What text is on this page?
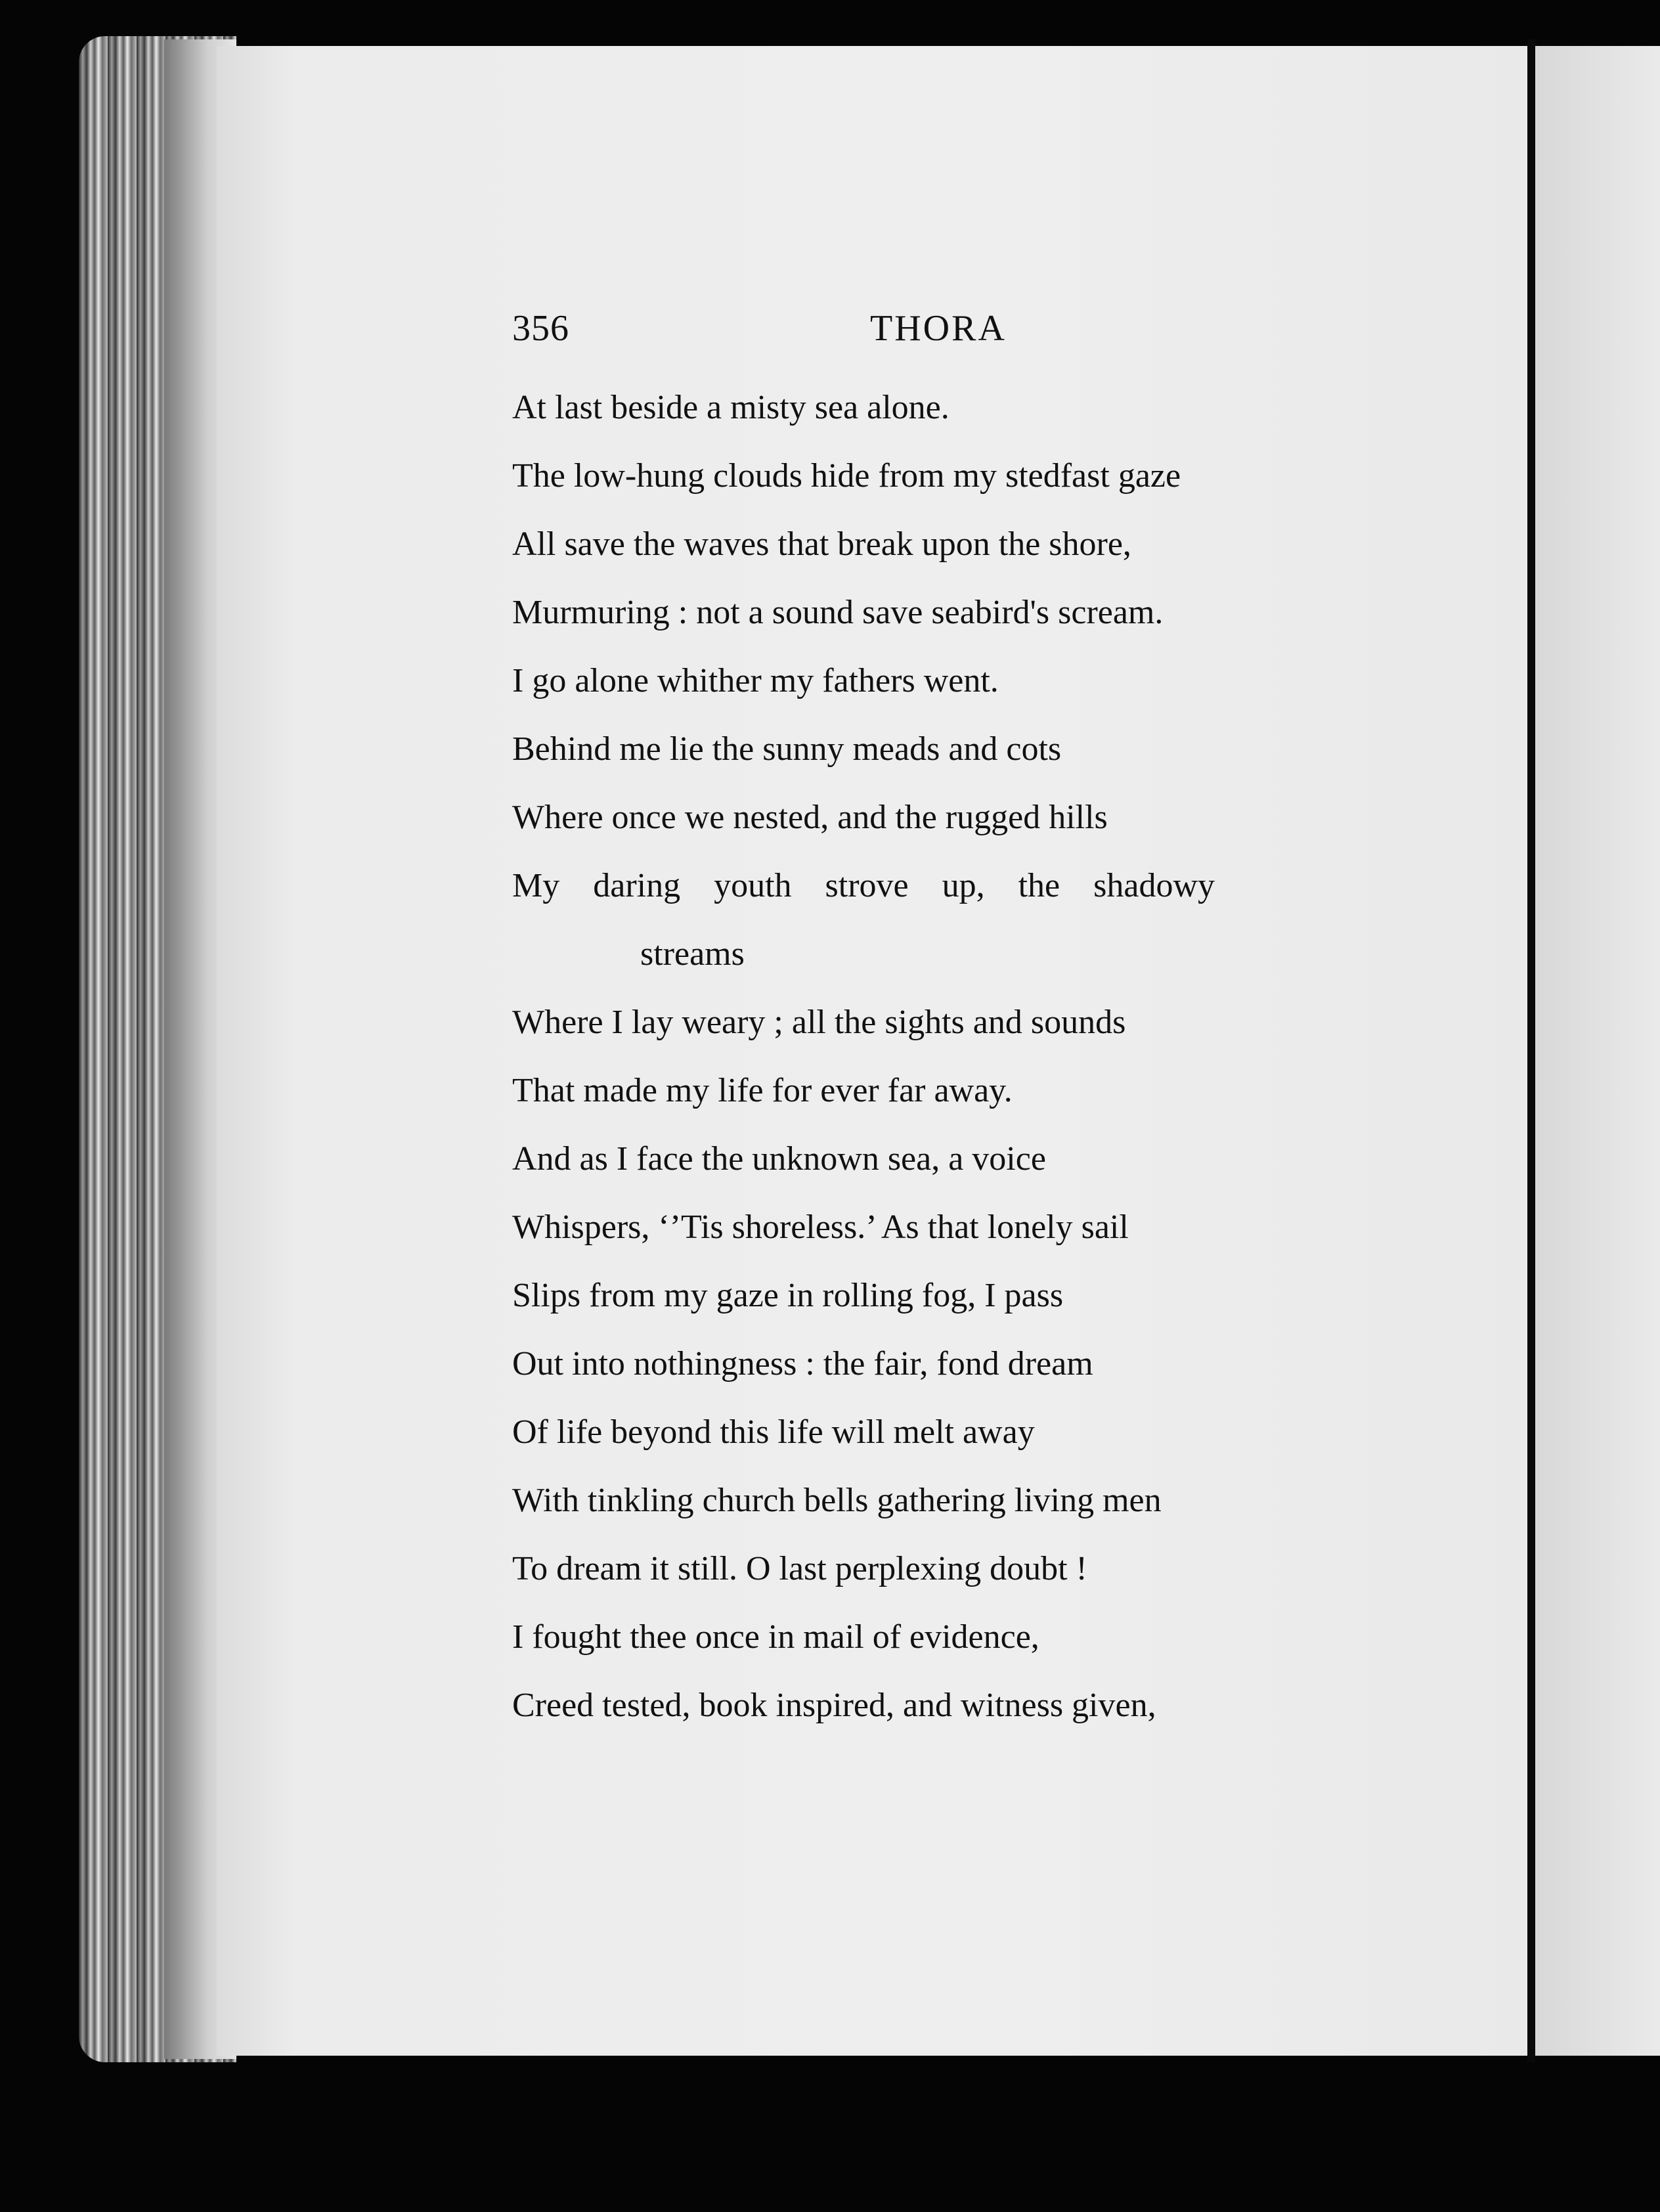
356	THORA
At last beside a misty sea alone.
The low-hung clouds hide from my stedfast gaze
All save the waves that break upon the shore,
Murmuring : not a sound save seabird's scream.
I go alone whither my fathers went.
Behind me lie the sunny meads and cots
Where once we nested, and the rugged hills
My daring youth strove up, the shadowy
streams
Where I lay weary ; all the sights and sounds
That made my life for ever far away.
And as I face the unknown sea, a voice
Whispers, ‘’Tis shoreless.’ As that lonely sail
Slips from my gaze in rolling fog, I pass
Out into nothingness : the fair, fond dream
Of life beyond this life will melt away
With tinkling church bells gathering living men
To dream it still. O last perplexing doubt !
I fought thee once in mail of evidence,
Creed tested, book inspired, and witness given,
